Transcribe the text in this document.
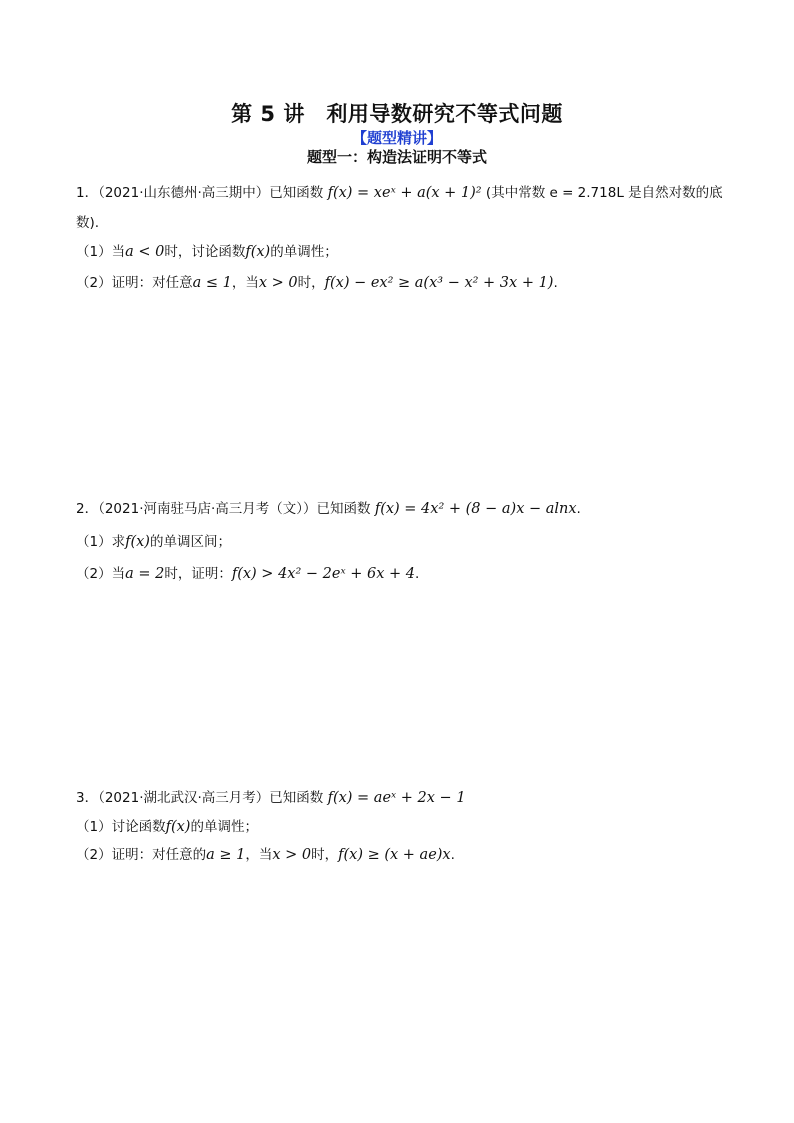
第 5 讲　利用导数研究不等式问题
【题型精讲】
题型一：构造法证明不等式
1．（2021·山东德州·高三期中）已知函数 f(x) = xeˣ + a(x + 1)² (其中常数 e = 2.718L 是自然对数的底
数).
（1）当a < 0时，讨论函数f(x)的单调性；
（2）证明：对任意a ≤ 1，当x > 0时，f(x) − ex² ≥ a(x³ − x² + 3x + 1).
2．（2021·河南驻马店·高三月考（文））已知函数 f(x) = 4x² + (8 − a)x − alnx.
（1）求f(x)的单调区间；
（2）当a = 2时，证明：f(x) > 4x² − 2eˣ + 6x + 4.
3．（2021·湖北武汉·高三月考）已知函数 f(x) = aeˣ + 2x − 1
（1）讨论函数f(x)的单调性；
（2）证明：对任意的a ≥ 1，当x > 0时，f(x) ≥ (x + ae)x.
